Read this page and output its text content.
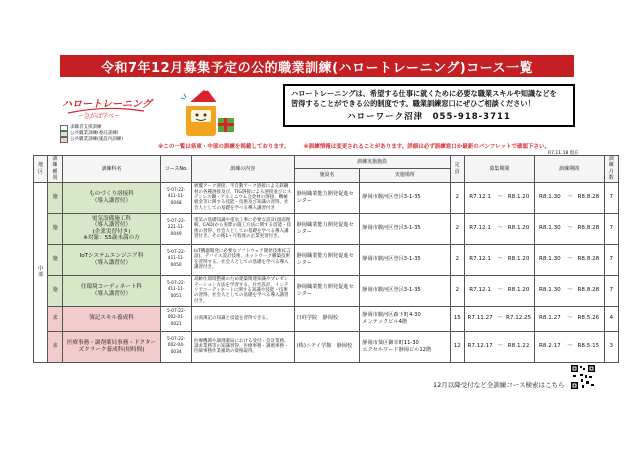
令和7年12月募集予定の公的職業訓練(ハロートレーニング)コース一覧
ハロートレーニング
～急がば学べ～
ハロートレーニングは、希望する仕事に就くために必要な職業スキルや知識などを
習得することができる公的制度です。職業訓練窓口にぜひご相談ください！
ハローワーク沼津　055-918-3711
求職者支援訓練
公共職業訓練(委託訓練)
公共職業訓練(施設内訓練)
※この一覧は県東・中部の訓練を掲載しております。	※訓練情報は変更されることがあります。詳細は必ず訓練窓口か最新のパンフレットで確認下さい。
R7.11.18 現在
地区	訓練種別	訓練科名	コースNo.	訓練の内容	訓練実施施設		定員	募集期間			訓練期間			訓練月数
					施設名	実施場所								
中部	施	ものづくり溶接科
（導入講習付）	5-07-22-
411-11-0048	被覆アーク溶接、半自動アーク溶接による鉄鋼材の各種溶接及び、TIG溶接による溶接並びにステンレス鋼・アルミニウム合金材の溶接、機械板金等に関する技能・技術及び知識の習得、社会人としての基礎を学べる導入講習付き	静岡職業能力開発促進センター	静岡市駿河区登呂3-1-35	2	R7.12.1	～	R8.1.20	R8.1.30	～	R8.8.28	7
	施	電気設備施工科
（導入講習付）
(企業実習付き)
※対象：55歳未満の方	5-07-22-
221-11-0049	電気の基礎知識や電気工事に必要な設計(図面理解、CAD)から実際の施工方法に関する技能・技術の習得、社会人としての基礎を学べる導入講習付き。その後1ヶ月程度の企業実習付き。	静岡職業能力開発促進センター	静岡市駿河区登呂3-1-35	2	R7.12.1	～	R8.1.20	R8.1.30	～	R8.8.28	7
	施	IoTシステムエンジニア科
（導入講習付）	5-07-22-
411-11-0050	IoT機器開発に必要なソフトウェア開発技術(C言語)、デバイス設計技術、ネットワーク構築技術を習得する。社会人としての基礎を学べる導入講習付き。	静岡職業能力開発促進センター	静岡市駿河区登呂3-1-35	2	R7.12.1	～	R8.1.20	R8.1.30	～	R8.8.28	7
	施	住環境コーディネート科
（導入講習付）	5-07-22-
411-11-0051	高齢住環境整備のため建築関連知識やプレゼンテーション方法を学習する。住宅設計、インテリアコーディネートに関する知識や技能・技術の習得、社会人としての基礎を学べる導入講習付き。	静岡職業能力開発促進センター	静岡市駿河区登呂3-1-35	2	R7.12.1	～	R8.1.20	R8.1.30	～	R8.8.28	7
	求	簿記スキル養成科	5-07-22-
002-01-0021	日商簿記の知識と技能を習得できる。	日経学院　静岡校	静岡市駿河区森下町4-30
メンテックビル4階	15	R7.11.27	～	R7.12.25	R8.1.27	～	R8.5.26	4
	求	医療事務・調剤薬局事務・ドクターズクラーク養成科(短時間)	5-07-22-
002-04-0034	医療機関や調剤薬局における受付・会計業務、請求業務等の知識習得、医療事務・調剤事務・医師事務作業補助の資格取得。	(株)ニチイ学館　静岡校	静岡市葵区御幸町11-30
エクセルワード静岡ビル12階	12	R7.12.17	～	R8.1.22	R8.2.17	～	R8.5.15	3
12月以降受付など全訓練コース検索はこちら
